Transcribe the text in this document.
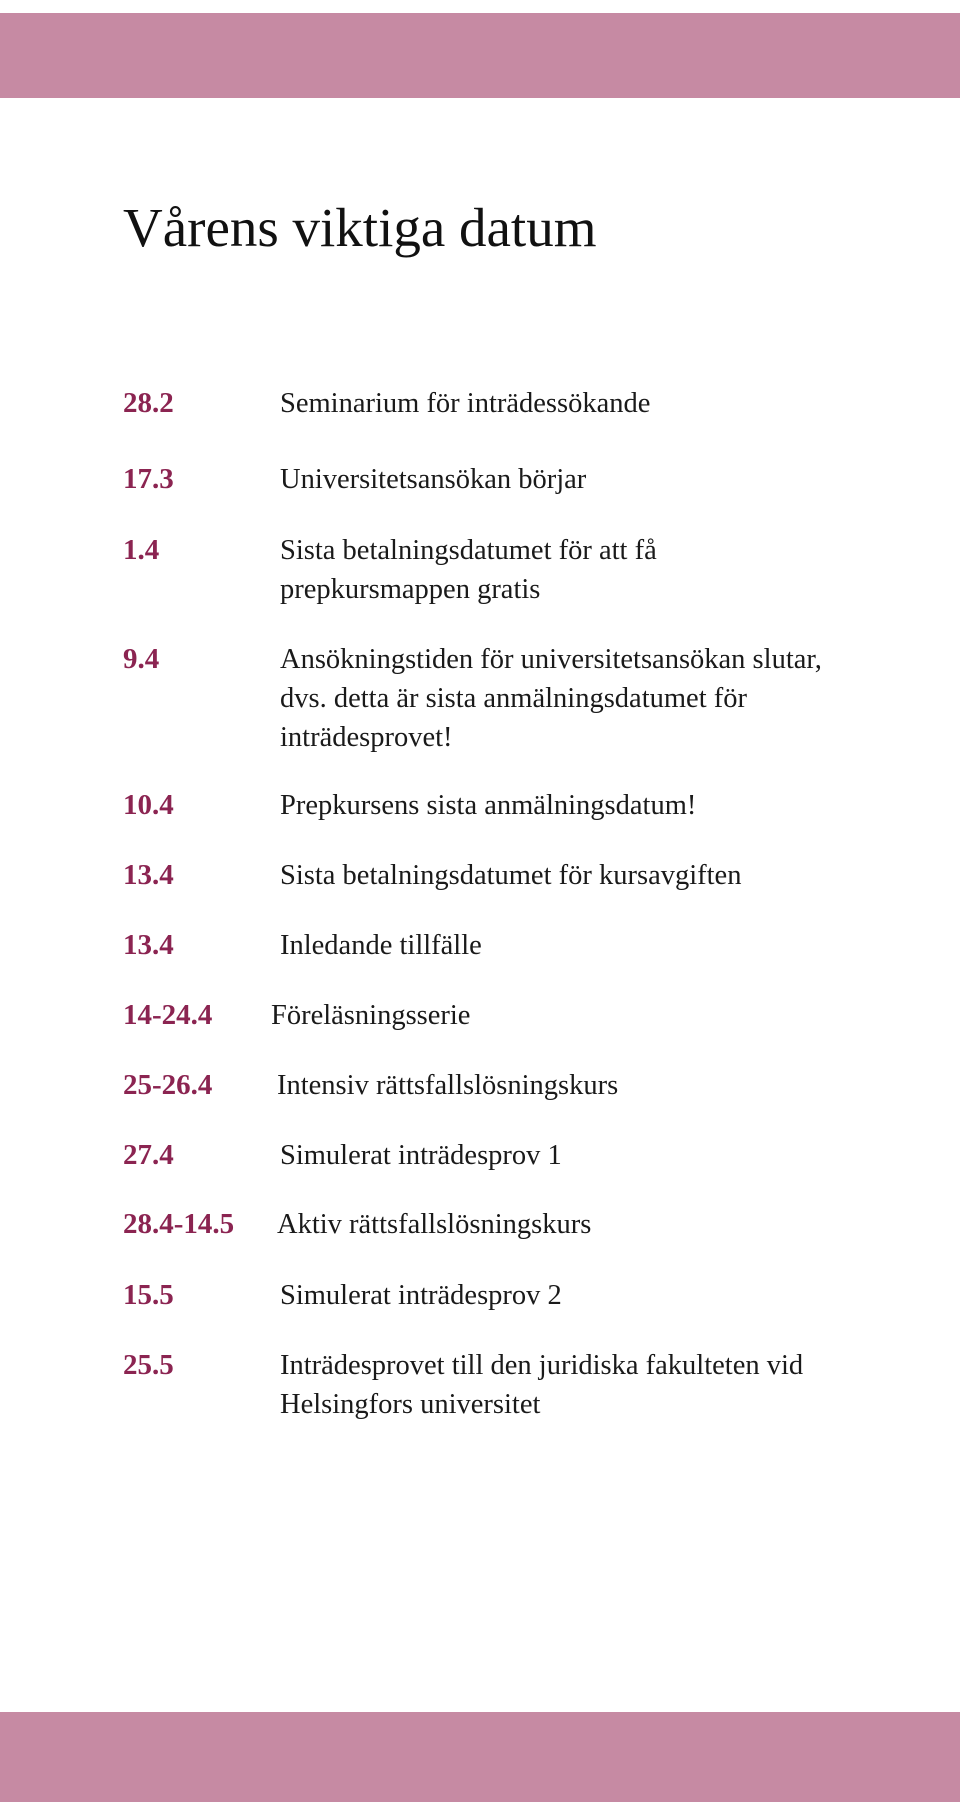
Vårens viktiga datum
28.2	Seminarium för inträdessökande
17.3	Universitetsansökan börjar
1.4	Sista betalningsdatumet för att få prepkursmappen gratis
9.4	Ansökningstiden för universitetsansökan slutar, dvs. detta är sista anmälningsdatumet för inträdesprovet!
10.4	Prepkursens sista anmälningsdatum!
13.4	Sista betalningsdatumet för kursavgiften
13.4	Inledande tillfälle
14-24.4 Föreläsningsserie
25-26.4 Intensiv rättsfallslösningskurs
27.4	Simulerat inträdesprov 1
28.4-14.5 Aktiv rättsfallslösningskurs
15.5	Simulerat inträdesprov 2
25.5	Inträdesprovet till den juridiska fakulteten vid Helsingfors universitet
